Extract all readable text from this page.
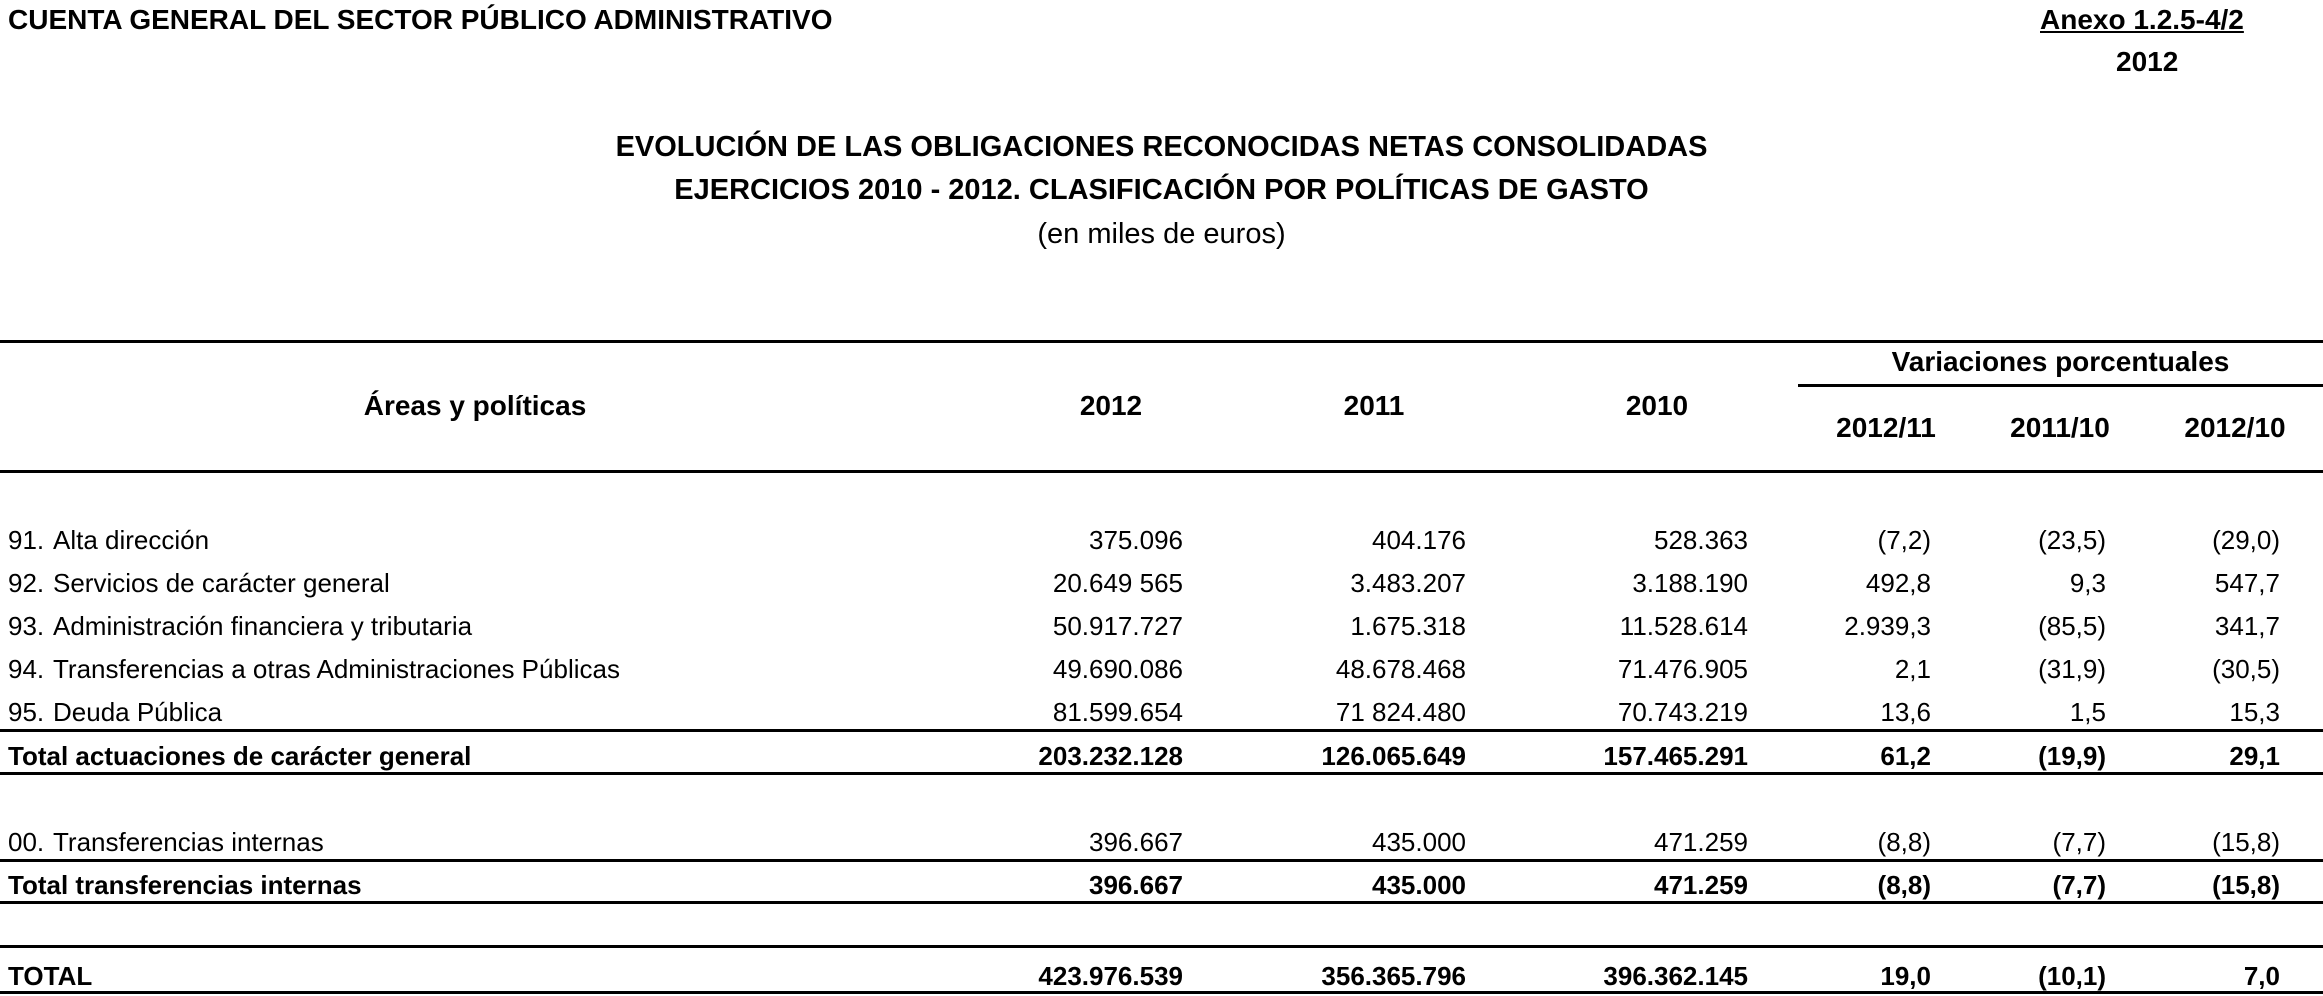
CUENTA GENERAL DEL SECTOR PÚBLICO ADMINISTRATIVO	Anexo 1.2.5-4/2
2012
EVOLUCIÓN DE LAS OBLIGACIONES RECONOCIDAS NETAS CONSOLIDADAS
EJERCICIOS 2010 - 2012. CLASIFICACIÓN POR POLÍTICAS DE GASTO
(en miles de euros)
Áreas y políticas	2012	2011	2010
Variaciones porcentuales
2012/11	2011/10	2012/10
91. Alta dirección	375.096	404.176	528.363	(7,2)	(23,5)	(29,0)
92. Servicios de carácter general	20.649 565	3.483.207	3.188.190	492,8	9,3	547,7
93. Administración financiera y tributaria	50.917.727	1.675.318	11.528.614	2.939,3	(85,5)	341,7
94. Transferencias a otras Administraciones Públicas	49.690.086	48.678.468	71.476.905	2,1	(31,9)	(30,5)
95. Deuda Pública	81.599.654	71 824.480	70.743.219	13,6	1,5	15,3
Total actuaciones de carácter general	203.232.128	126.065.649	157.465.291	61,2	(19,9)	29,1
00. Transferencias internas	396.667	435.000	471.259	(8,8)	(7,7)	(15,8)
Total transferencias internas	396.667	435.000	471.259	(8,8)	(7,7)	(15,8)
TOTAL	423.976.539	356.365.796	396.362.145	19,0	(10,1)	7,0
